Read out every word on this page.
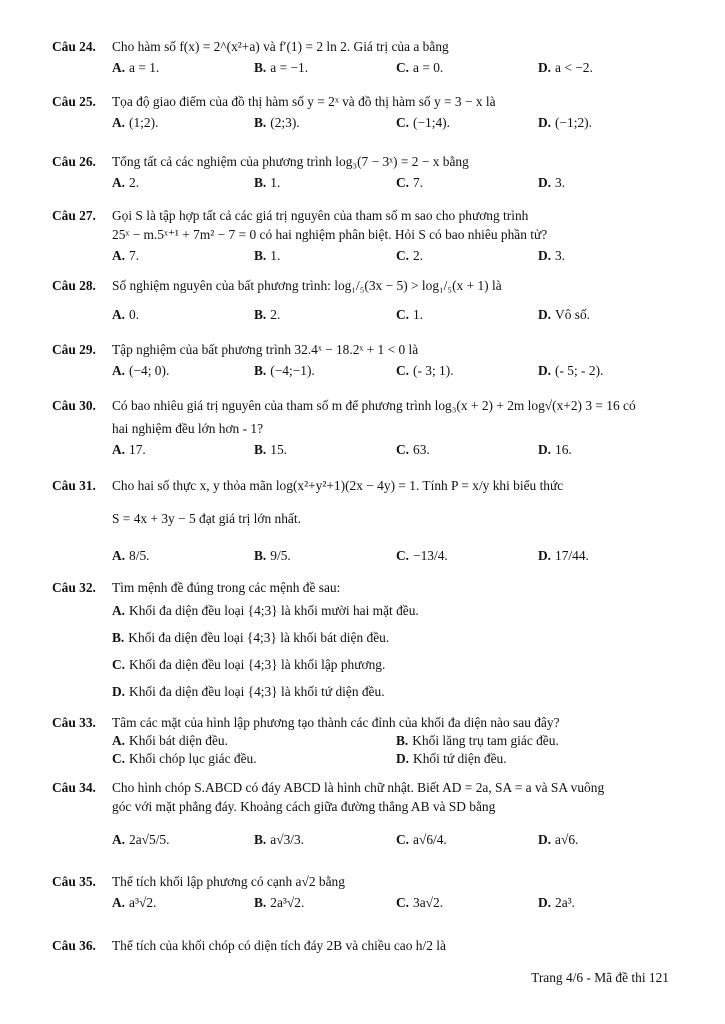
Câu 24.	Cho hàm số f(x) = 2^(x²+a) và f′(1) = 2 ln 2. Giá trị của a bằng
A. a = 1.	B. a = −1.	C. a = 0.	D. a < −2.
Câu 25.	Tọa độ giao điểm của đồ thị hàm số y = 2ˣ và đồ thị hàm số y = 3 − x là
A. (1;2).	B. (2;3).	C. (−1;4).	D. (−1;2).
Câu 26.	Tổng tất cả các nghiệm của phương trình log₃(7 − 3ˣ) = 2 − x bằng
A. 2.	B. 1.	C. 7.	D. 3.
Câu 27.	Gọi S là tập hợp tất cả các giá trị nguyên của tham số m sao cho phương trình
25ˣ − m.5ˣ⁺¹ + 7m² − 7 = 0 có hai nghiệm phân biệt. Hỏi S có bao nhiêu phần tử?
A. 7.	B. 1.	C. 2.	D. 3.
Câu 28.	Số nghiệm nguyên của bất phương trình: log₁/₅(3x − 5) > log₁/₅(x + 1) là
A. 0.	B. 2.	C. 1.	D. Vô số.
Câu 29.	Tập nghiệm của bất phương trình 32.4ˣ − 18.2ˣ + 1 < 0 là
A. (−4; 0).	B. (−4;−1).	C. (- 3; 1).	D. (- 5; - 2).
Câu 30.	Có bao nhiêu giá trị nguyên của tham số m để phương trình log₃(x + 2) + 2m log√(x+2) 3 = 16 có
hai nghiệm đều lớn hơn - 1?
A. 17.	B. 15.	C. 63.	D. 16.
Câu 31.	Cho hai số thực x, y thỏa mãn log(x²+y²+1)(2x − 4y) = 1. Tính P = x/y khi biểu thức
S = 4x + 3y − 5 đạt giá trị lớn nhất.
A. 8/5.	B. 9/5.	C. −13/4.	D. 17/44.
Câu 32.	Tìm mệnh đề đúng trong các mệnh đề sau:
A. Khối đa diện đều loại {4;3} là khối mười hai mặt đều.
B. Khối đa diện đều loại {4;3} là khối bát diện đều.
C. Khối đa diện đều loại {4;3} là khối lập phương.
D. Khối đa diện đều loại {4;3} là khối tứ diện đều.
Câu 33.	Tâm các mặt của hình lập phương tạo thành các đỉnh của khối đa diện nào sau đây?
A. Khối bát diện đều.	B. Khối lăng trụ tam giác đều.
C. Khối chóp lục giác đều.	D. Khối tứ diện đều.
Câu 34.	Cho hình chóp S.ABCD có đáy ABCD là hình chữ nhật. Biết AD = 2a, SA = a và SA vuông
góc với mặt phẳng đáy. Khoảng cách giữa đường thẳng AB và SD bằng
A. 2a√5/5.	B. a√3/3.	C. a√6/4.	D. a√6.
Câu 35.	Thể tích khối lập phương có cạnh a√2 bằng
A. a³√2.	B. 2a³√2.	C. 3a√2.	D. 2a³.
Câu 36.	Thể tích của khối chóp có diện tích đáy 2B và chiều cao h/2 là
Trang 4/6 - Mã đề thi 121
